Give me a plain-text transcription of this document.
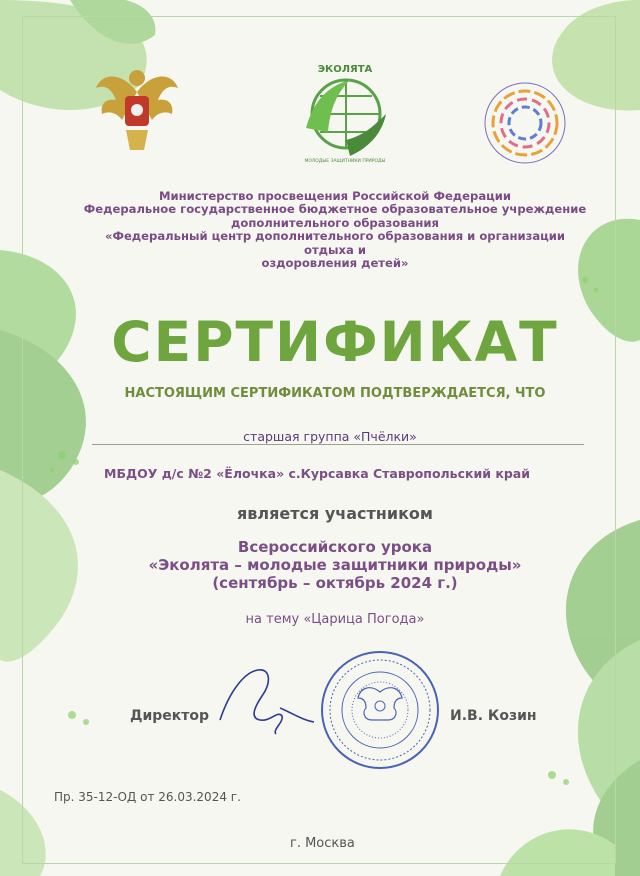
ЭКОЛЯТА
МОЛОДЫЕ ЗАЩИТНИКИ ПРИРОДЫ
Министерство просвещения Российской Федерации
Федеральное государственное бюджетное образовательное учреждение
дополнительного образования
«Федеральный центр дополнительного образования и организации отдыха и
оздоровления детей»
СЕРТИФИКАТ
НАСТОЯЩИМ СЕРТИФИКАТОМ ПОДТВЕРЖДАЕТСЯ, ЧТО
старшая группа «Пчёлки»
МБДОУ д/с №2 «Ёлочка» с.Курсавка Ставропольский край
является участником
Всероссийского урока
«Эколята – молодые защитники природы»
(сентябрь – октябрь 2024 г.)
на тему «Царица Погода»
Директор	И.В. Козин
Пр. 35-12-ОД от 26.03.2024 г.
г. Москва
